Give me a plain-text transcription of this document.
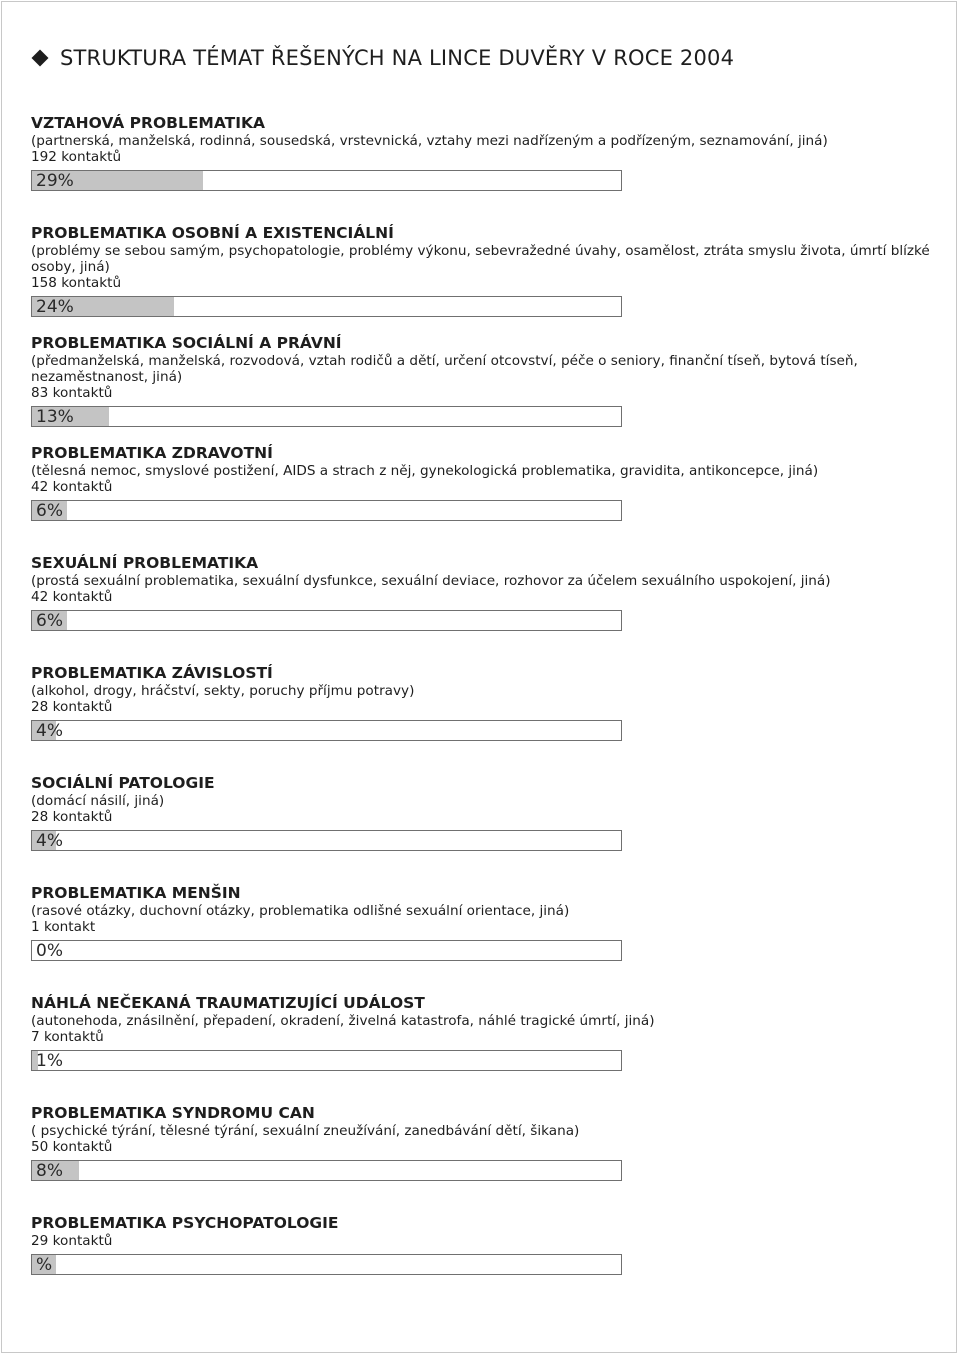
STRUKTURA TÉMAT ŘEŠENÝCH NA LINCE DUVĚRY V ROCE 2004

VZTAHOVÁ PROBLEMATIKA

(partnerská, manželská, rodinná, sousedská, vrstevnická, vztahy mezi nadřízeným a podřízeným, seznamování, jiná)

192 kontaktů

29%

PROBLEMATIKA OSOBNÍ A EXISTENCIÁLNÍ

(problémy se sebou samým, psychopatologie, problémy výkonu, sebevražedné úvahy, osamělost, ztráta smyslu života, úmrtí blízké osoby, jiná)

158 kontaktů

24%

PROBLEMATIKA SOCIÁLNÍ A PRÁVNÍ

(předmanželská, manželská, rozvodová, vztah rodičů a dětí, určení otcovství, péče o seniory, finanční tíseň, bytová tíseň, nezaměstnanost, jiná)

83 kontaktů

13%

PROBLEMATIKA ZDRAVOTNÍ

(tělesná nemoc, smyslové postižení, AIDS a strach z něj, gynekologická problematika, gravidita, antikoncepce, jiná)

42 kontaktů

6%

SEXUÁLNÍ PROBLEMATIKA

(prostá sexuální problematika, sexuální dysfunkce, sexuální deviace, rozhovor za účelem sexuálního uspokojení, jiná)

42 kontaktů

6%

PROBLEMATIKA ZÁVISLOSTÍ

(alkohol, drogy, hráčství, sekty, poruchy příjmu potravy)

28 kontaktů

4%

SOCIÁLNÍ PATOLOGIE

(domácí násilí, jiná)

28 kontaktů

4%

PROBLEMATIKA MENŠIN

(rasové otázky, duchovní otázky, problematika odlišné sexuální orientace, jiná)

1 kontakt

0%

NÁHLÁ NEČEKANÁ TRAUMATIZUJÍCÍ UDÁLOST

(autonehoda, znásilnění, přepadení, okradení, živelná katastrofa, náhlé tragické úmrtí, jiná)

7 kontaktů

1%

PROBLEMATIKA SYNDROMU CAN

( psychické týrání, tělesné týrání, sexuální zneužívání, zanedbávání dětí, šikana)

50 kontaktů

8%

PROBLEMATIKA PSYCHOPATOLOGIE

29 kontaktů

%
